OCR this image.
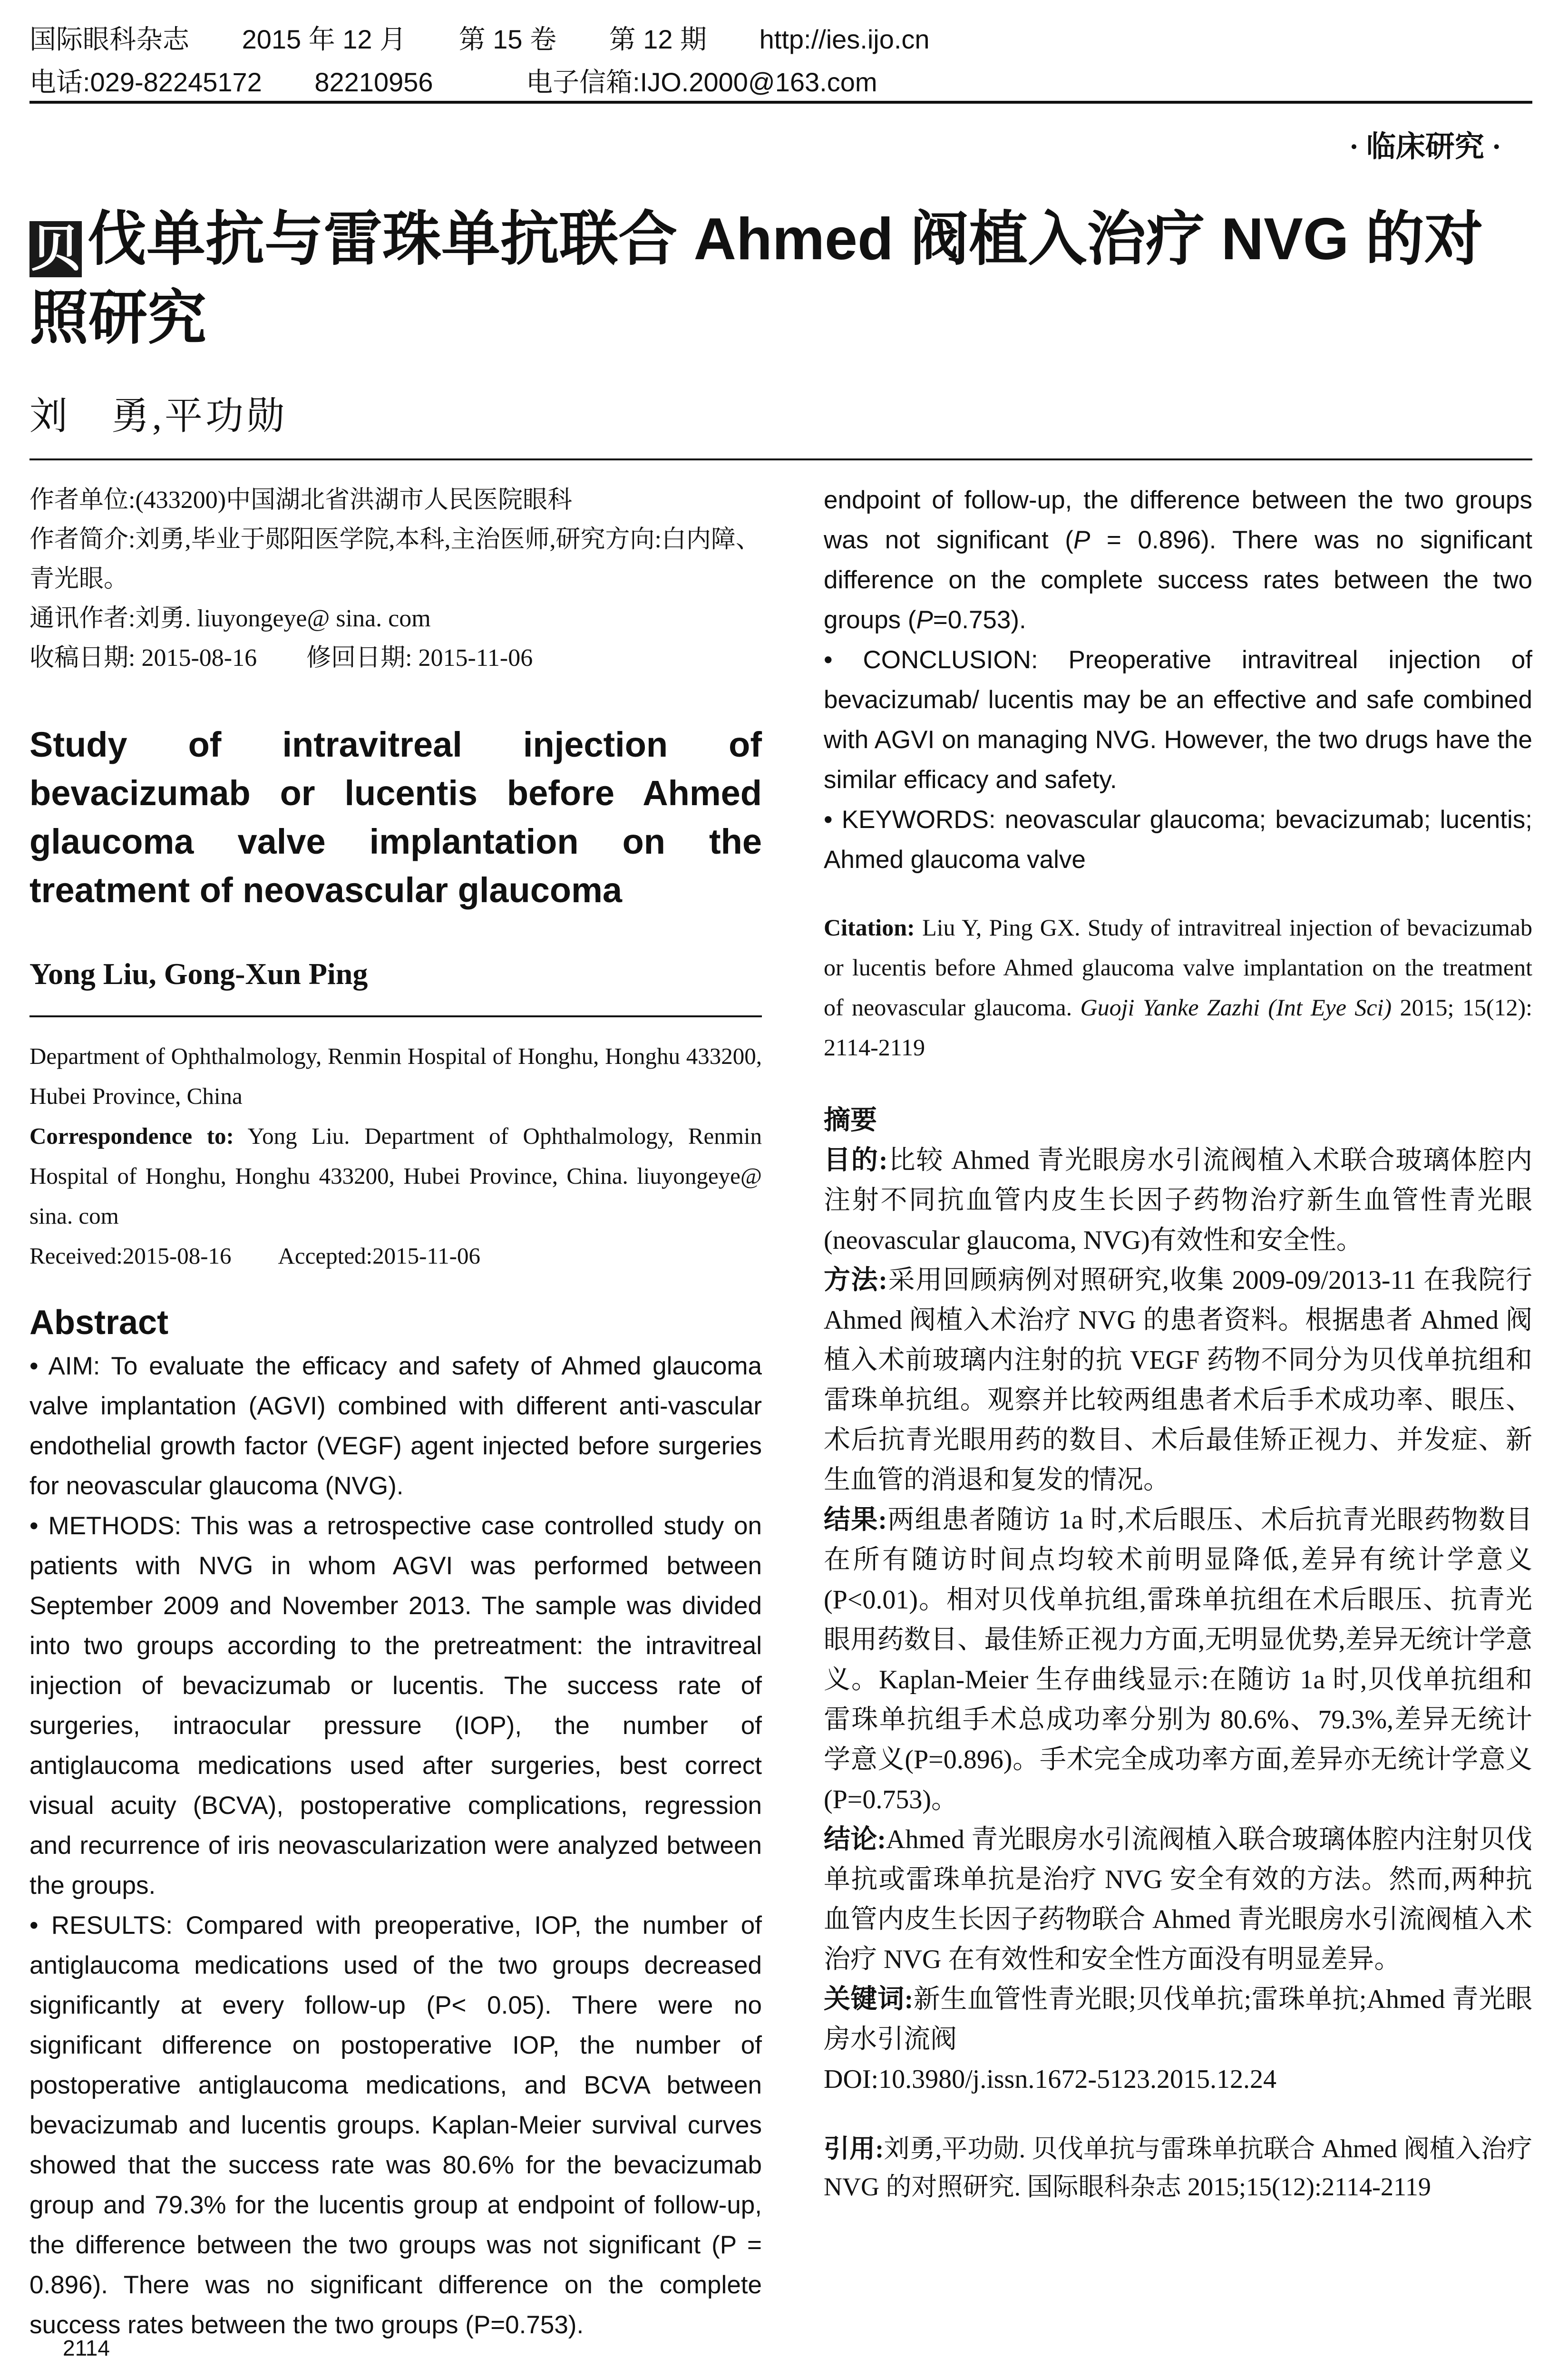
国际眼科杂志 2015 年 12 月 第 15 卷 第 12 期 http://ies.ijo.cn
电话:029-82245172 82210956	电子信箱:IJO.2000@163.com
· 临床研究 ·
贝 伐单抗与雷珠单抗联合 Ahmed 阀植入治疗 NVG 的对照研究
刘　勇,平功勋
作者单位:(433200)中国湖北省洪湖市人民医院眼科
作者简介:刘勇,毕业于郧阳医学院,本科,主治医师,研究方向:白内障、青光眼。
通讯作者:刘勇. liuyongeye@ sina. com
收稿日期: 2015-08-16　　修回日期: 2015-11-06
Study of intravitreal injection of bevacizumab or lucentis before Ahmed glaucoma valve implantation on the treatment of neovascular glaucoma
Yong Liu, Gong-Xun Ping
Department of Ophthalmology, Renmin Hospital of Honghu, Honghu 433200, Hubei Province, China
Correspondence to: Yong Liu. Department of Ophthalmology, Renmin Hospital of Honghu, Honghu 433200, Hubei Province, China. liuyongeye@ sina. com
Received:2015-08-16　　Accepted:2015-11-06
Abstract

• AIM: To evaluate the efficacy and safety of Ahmed glaucoma valve implantation (AGVI) combined with different anti-vascular endothelial growth factor (VEGF) agent injected before surgeries for neovascular glaucoma (NVG).

• METHODS: This was a retrospective case controlled study on patients with NVG in whom AGVI was performed between September 2009 and November 2013. The sample was divided into two groups according to the pretreatment: the intravitreal injection of bevacizumab or lucentis. The success rate of surgeries, intraocular pressure (IOP), the number of antiglaucoma medications used after surgeries, best correct visual acuity (BCVA), postoperative complications, regression and recurrence of iris neovascularization were analyzed between the groups.

• RESULTS: Compared with preoperative, IOP, the number of antiglaucoma medications used of the two groups decreased significantly at every follow-up (P< 0.05). There were no significant difference on postoperative IOP, the number of postoperative antiglaucoma medications, and BCVA between bevacizumab and lucentis groups. Kaplan-Meier survival curves showed that the success rate was 80.6% for the bevacizumab group and 79.3% for the lucentis group at endpoint of follow-up, the difference between the two groups was not significant (P = 0.896). There was no significant difference on the complete success rates between the two groups (P=0.753).

endpoint of follow-up, the difference between the two groups was not significant (P = 0.896). There was no significant difference on the complete success rates between the two groups (P=0.753).

• CONCLUSION: Preoperative intravitreal injection of bevacizumab/ lucentis may be an effective and safe combined with AGVI on managing NVG. However, the two drugs have the similar efficacy and safety.

• KEYWORDS: neovascular glaucoma; bevacizumab; lucentis; Ahmed glaucoma valve

Citation: Liu Y, Ping GX. Study of intravitreal injection of bevacizumab or lucentis before Ahmed glaucoma valve implantation on the treatment of neovascular glaucoma. Guoji Yanke Zazhi (Int Eye Sci) 2015; 15(12): 2114-2119
摘要

目的:比较 Ahmed 青光眼房水引流阀植入术联合玻璃体腔内注射不同抗血管内皮生长因子药物治疗新生血管性青光眼(neovascular glaucoma, NVG)有效性和安全性。

方法:采用回顾病例对照研究,收集 2009-09/2013-11 在我院行 Ahmed 阀植入术治疗 NVG 的患者资料。根据患者 Ahmed 阀植入术前玻璃内注射的抗 VEGF 药物不同分为贝伐单抗组和雷珠单抗组。观察并比较两组患者术后手术成功率、眼压、术后抗青光眼用药的数目、术后最佳矫正视力、并发症、新生血管的消退和复发的情况。

结果:两组患者随访 1a 时,术后眼压、术后抗青光眼药物数目在所有随访时间点均较术前明显降低,差异有统计学意义(P<0.01)。相对贝伐单抗组,雷珠单抗组在术后眼压、抗青光眼用药数目、最佳矫正视力方面,无明显优势,差异无统计学意义。Kaplan-Meier 生存曲线显示:在随访 1a 时,贝伐单抗组和雷珠单抗组手术总成功率分别为 80.6%、79.3%,差异无统计学意义(P=0.896)。手术完全成功率方面,差异亦无统计学意义(P=0.753)。

结论:Ahmed 青光眼房水引流阀植入联合玻璃体腔内注射贝伐单抗或雷珠单抗是治疗 NVG 安全有效的方法。然而,两种抗血管内皮生长因子药物联合 Ahmed 青光眼房水引流阀植入术治疗 NVG 在有效性和安全性方面没有明显差异。

关键词:新生血管性青光眼;贝伐单抗;雷珠单抗;Ahmed 青光眼房水引流阀

DOI:10.3980/j.issn.1672-5123.2015.12.24

引用:刘勇,平功勋. 贝伐单抗与雷珠单抗联合 Ahmed 阀植入治疗 NVG 的对照研究. 国际眼科杂志 2015;15(12):2114-2119
2114
